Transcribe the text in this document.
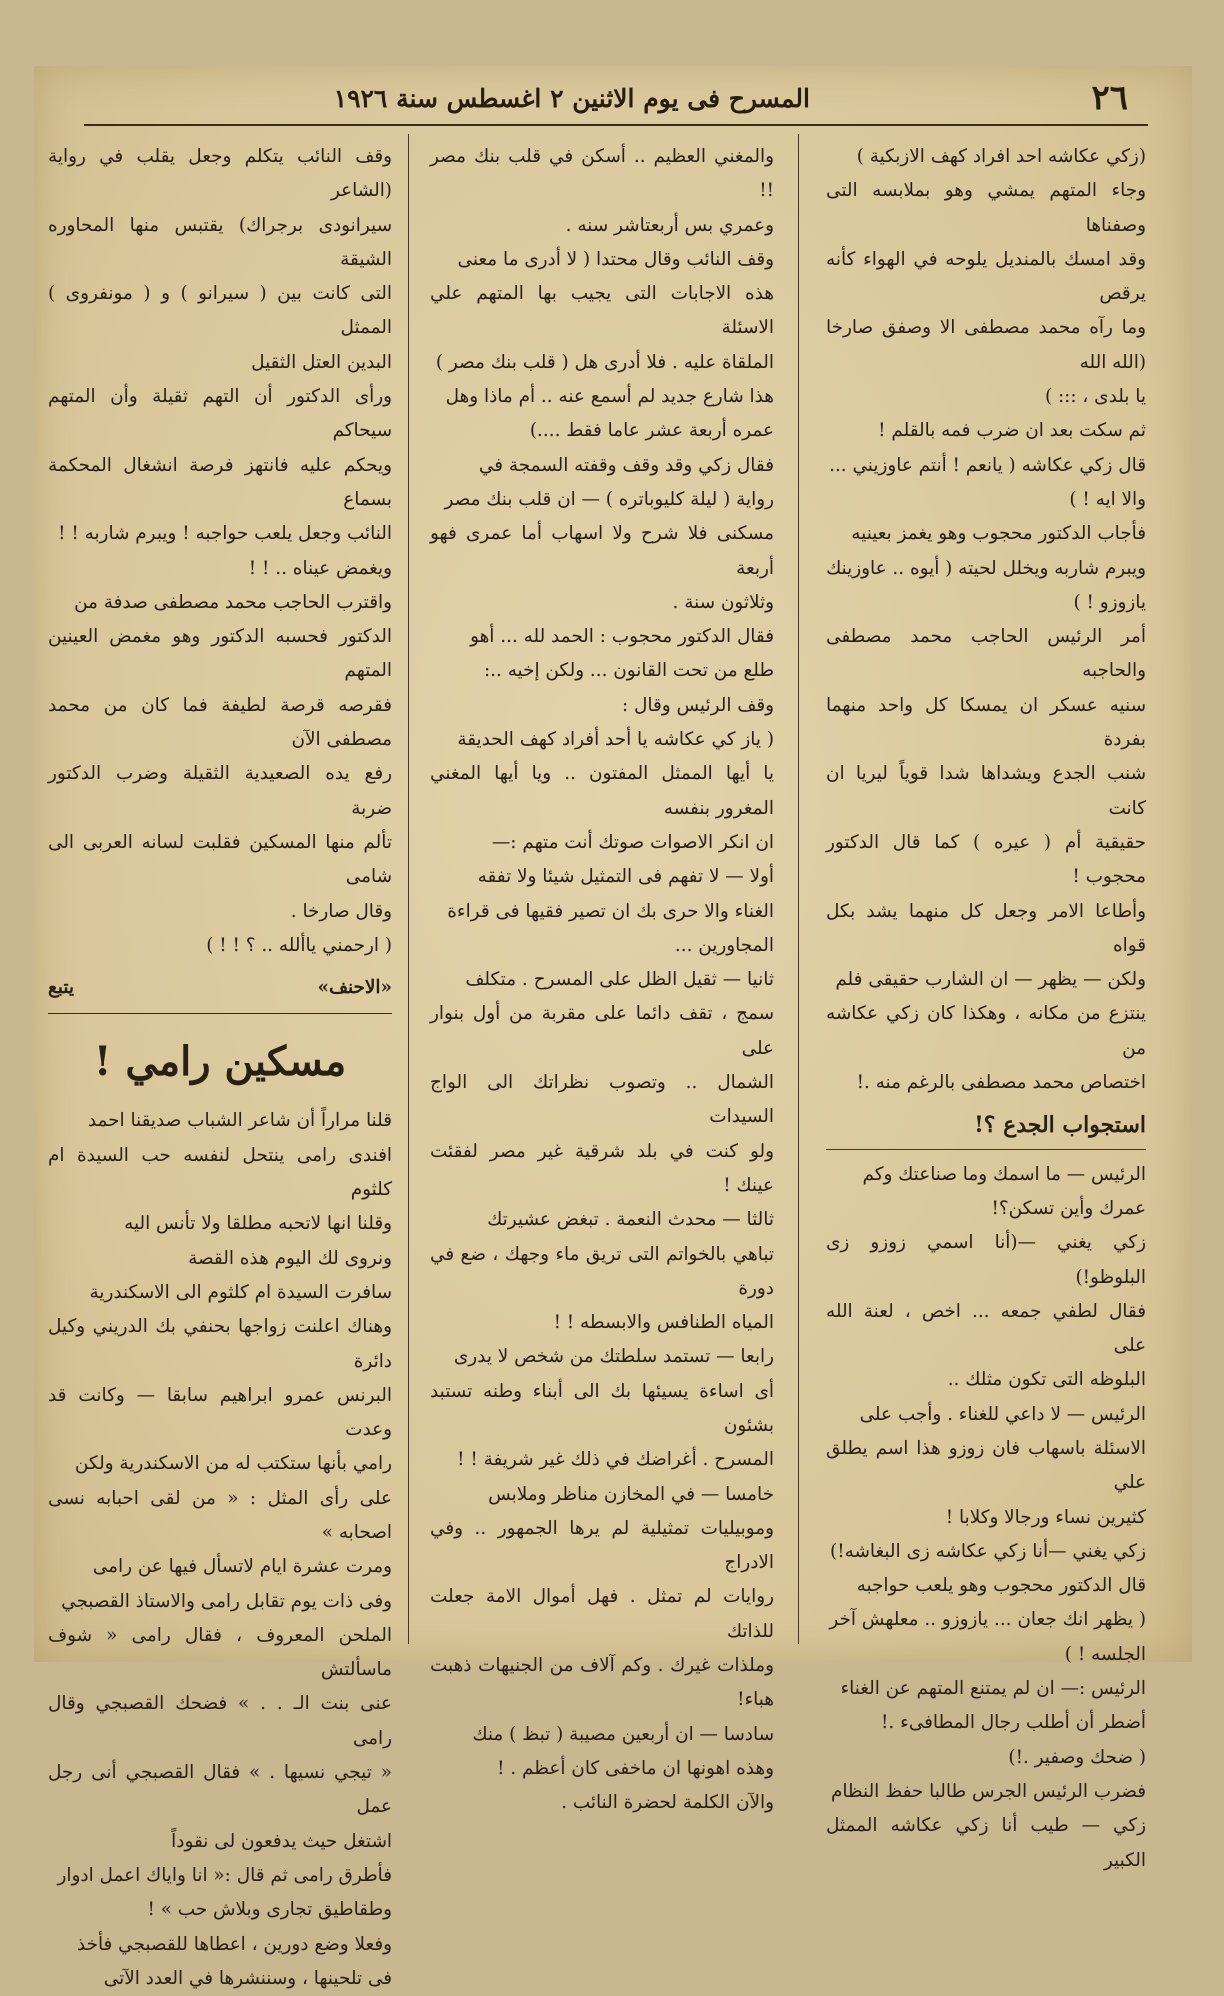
٢٦
المسرح فى يوم الاثنين ٢ اغسطس سنة ١٩٢٦

(زكي عكاشه احد افراد كهف الازبكية )

وجاء المتهم يمشي وهو بملابسه التى وصفناها

وقد امسك بالمنديل يلوحه في الهواء كأنه يرقص

وما رآه محمد مصطفى الا وصفق صارخا (الله الله

يا بلدى ، ::: )

ثم سكت بعد ان ضرب فمه بالقلم !

قال زكي عكاشه ( يانعم ! أنتم عاوزيني ...

والا ايه ! )

فأجاب الدكتور محجوب وهو يغمز بعينيه

ويبرم شاربه ويخلل لحيته ( أيوه .. عاوزينك

يازوزو ! )

أمر الرئيس الحاجب محمد مصطفى والحاجبه

سنيه عسكر ان يمسكا كل واحد منهما بفردة

شنب الجدع ويشداها شدا قوياً ليريا ان كانت

حقيقية أم ( عيره ) كما قال الدكتور محجوب !

وأطاعا الامر وجعل كل منهما يشد بكل قواه

ولكن — يظهر — ان الشارب حقيقى فلم

ينتزع من مكانه ، وهكذا كان زكي عكاشه من

اختصاص محمد مصطفى بالرغم منه .!

استجواب الجدع ؟!

الرئيس — ما اسمك وما صناعتك وكم

عمرك وأين تسكن؟!

زكي يغني —(أنا اسمي زوزو زى البلوظو!)

فقال لطفي جمعه ... اخص ، لعنة الله على

البلوظه التى تكون مثلك ..

الرئيس — لا داعي للغناء . وأجب على

الاسئلة باسهاب فان زوزو هذا اسم يطلق علي

كثيرين نساء ورجالا وكلابا !

زكي يغني —أنا زكي عكاشه زى البغاشه!)

قال الدكتور محجوب وهو يلعب حواجبه

( يظهر انك جعان ... يازوزو .. معلهش آخر

الجلسه ! )

الرئيس :— ان لم يمتنع المتهم عن الغناء

أضطر أن أطلب رجال المطافىء .!

( ضحك وصفير .!)

فضرب الرئيس الجرس طالبا حفظ النظام

زكي — طيب أنا زكي عكاشه الممثل الكبير

والمغني العظيم .. أسكن في قلب بنك مصر !!

وعمري بس أربعتاشر سنه .

وقف النائب وقال محتدا ( لا أدرى ما معنى

هذه الاجابات التى يجيب بها المتهم علي الاسئلة

الملقاة عليه . فلا أدرى هل ( قلب بنك مصر )

هذا شارع جديد لم أسمع عنه .. أم ماذا وهل

عمره أربعة عشر عاما فقط ....)

فقال زكي وقد وقف وقفته السمجة في

رواية ( ليلة كليوباتره ) — ان قلب بنك مصر

مسكنى فلا شرح ولا اسهاب أما عمرى فهو أربعة

وثلاثون سنة .

فقال الدكتور محجوب : الحمد لله ... أهو

طلع من تحت القانون ... ولكن إخيه ..:

وقف الرئيس وقال :

( ياز كي عكاشه يا أحد أفراد كهف الحديقة

يا أيها الممثل المفتون .. ويا أيها المغني المغرور بنفسه

ان انكر الاصوات صوتك أنت متهم :—

أولا — لا تفهم فى التمثيل شيئا ولا تفقه

الغناء والا حرى بك ان تصير فقيها فى قراءة

المجاورين ...

ثانيا — ثقيل الظل على المسرح . متكلف

سمج ، تقف دائما على مقربة من أول بنوار على

الشمال .. وتصوب نظراتك الى الواج السيدات

ولو كنت في بلد شرقية غير مصر لفقئت عينك !

ثالثا — محدث النعمة . تبغض عشيرتك

تباهي بالخواتم التى تريق ماء وجهك ، ضع في دورة

المياه الطنافس والابسطه ! !

رابعا — تستمد سلطتك من شخص لا يدرى

أى اساءة يسيئها بك الى أبناء وطنه تستبد بشئون

المسرح . أغراضك في ذلك غير شريفة ! !

خامسا — في المخازن مناظر وملابس

وموبيليات تمثيلية لم يرها الجمهور .. وفي الادراج

روايات لم تمثل . فهل أموال الامة جعلت للذاتك

وملذات غيرك . وكم آلاف من الجنيهات ذهبت هباء!

سادسا — ان أربعين مصيبة ( تبظ ) منك

وهذه اهونها ان ماخفى كان أعظم . !

والآن الكلمة لحضرة النائب .

وقف النائب يتكلم وجعل يقلب في رواية (الشاعر

سيرانودى برجراك) يقتبس منها المحاوره الشيقة

التى كانت بين ( سيرانو ) و ( مونفروى ) الممثل

البدين العتل الثقيل

ورأى الدكتور أن التهم ثقيلة وأن المتهم سيحاكم

ويحكم عليه فانتهز فرصة انشغال المحكمة بسماع

النائب وجعل يلعب حواجبه ! ويبرم شاربه ! !

ويغمض عيناه .. ! !

واقترب الحاجب محمد مصطفى صدفة من

الدكتور فحسبه الدكتور وهو مغمض العينين المتهم

فقرصه قرصة لطيفة فما كان من محمد مصطفى الآن

رفع يده الصعيدية الثقيلة وضرب الدكتور ضربة

تألم منها المسكين فقلبت لسانه العربى الى شامى

وقال صارخا .

( ارحمني ياألله .. ؟ ! ! )

«الاحنف»
يتبع
مسكين رامي !

قلنا مراراً أن شاعر الشباب صديقنا احمد

افندى رامى ينتحل لنفسه حب السيدة ام كلثوم

وقلنا انها لاتحبه مطلقا ولا تأنس اليه

ونروى لك اليوم هذه القصة

سافرت السيدة ام كلثوم الى الاسكندرية

وهناك اعلنت زواجها بحنفي بك الدريني وكيل دائرة

البرنس عمرو ابراهيم سابقا — وكانت قد وعدت

رامي بأنها ستكتب له من الاسكندرية ولكن

على رأى المثل : « من لقى احبابه نسى اصحابه »

ومرت عشرة ايام لاتسأل فيها عن رامى

وفى ذات يوم تقابل رامى والاستاذ القصبجي

الملحن المعروف ، فقال رامى « شوف ماسألتش

عنى بنت الـ . . » فضحك القصبجي وقال رامى

« تيجي نسيها . » فقال القصبجي أنى رجل عمل

اشتغل حيث يدفعون لى نقوداً

فأطرق رامى ثم قال :« انا واياك اعمل ادوار

وطقاطيق تجارى وبلاش حب » !

وفعلا وضع دورين ، اعطاها للقصبجي فأخذ

فى تلحينها ، وسننشرها في العدد الآتى
